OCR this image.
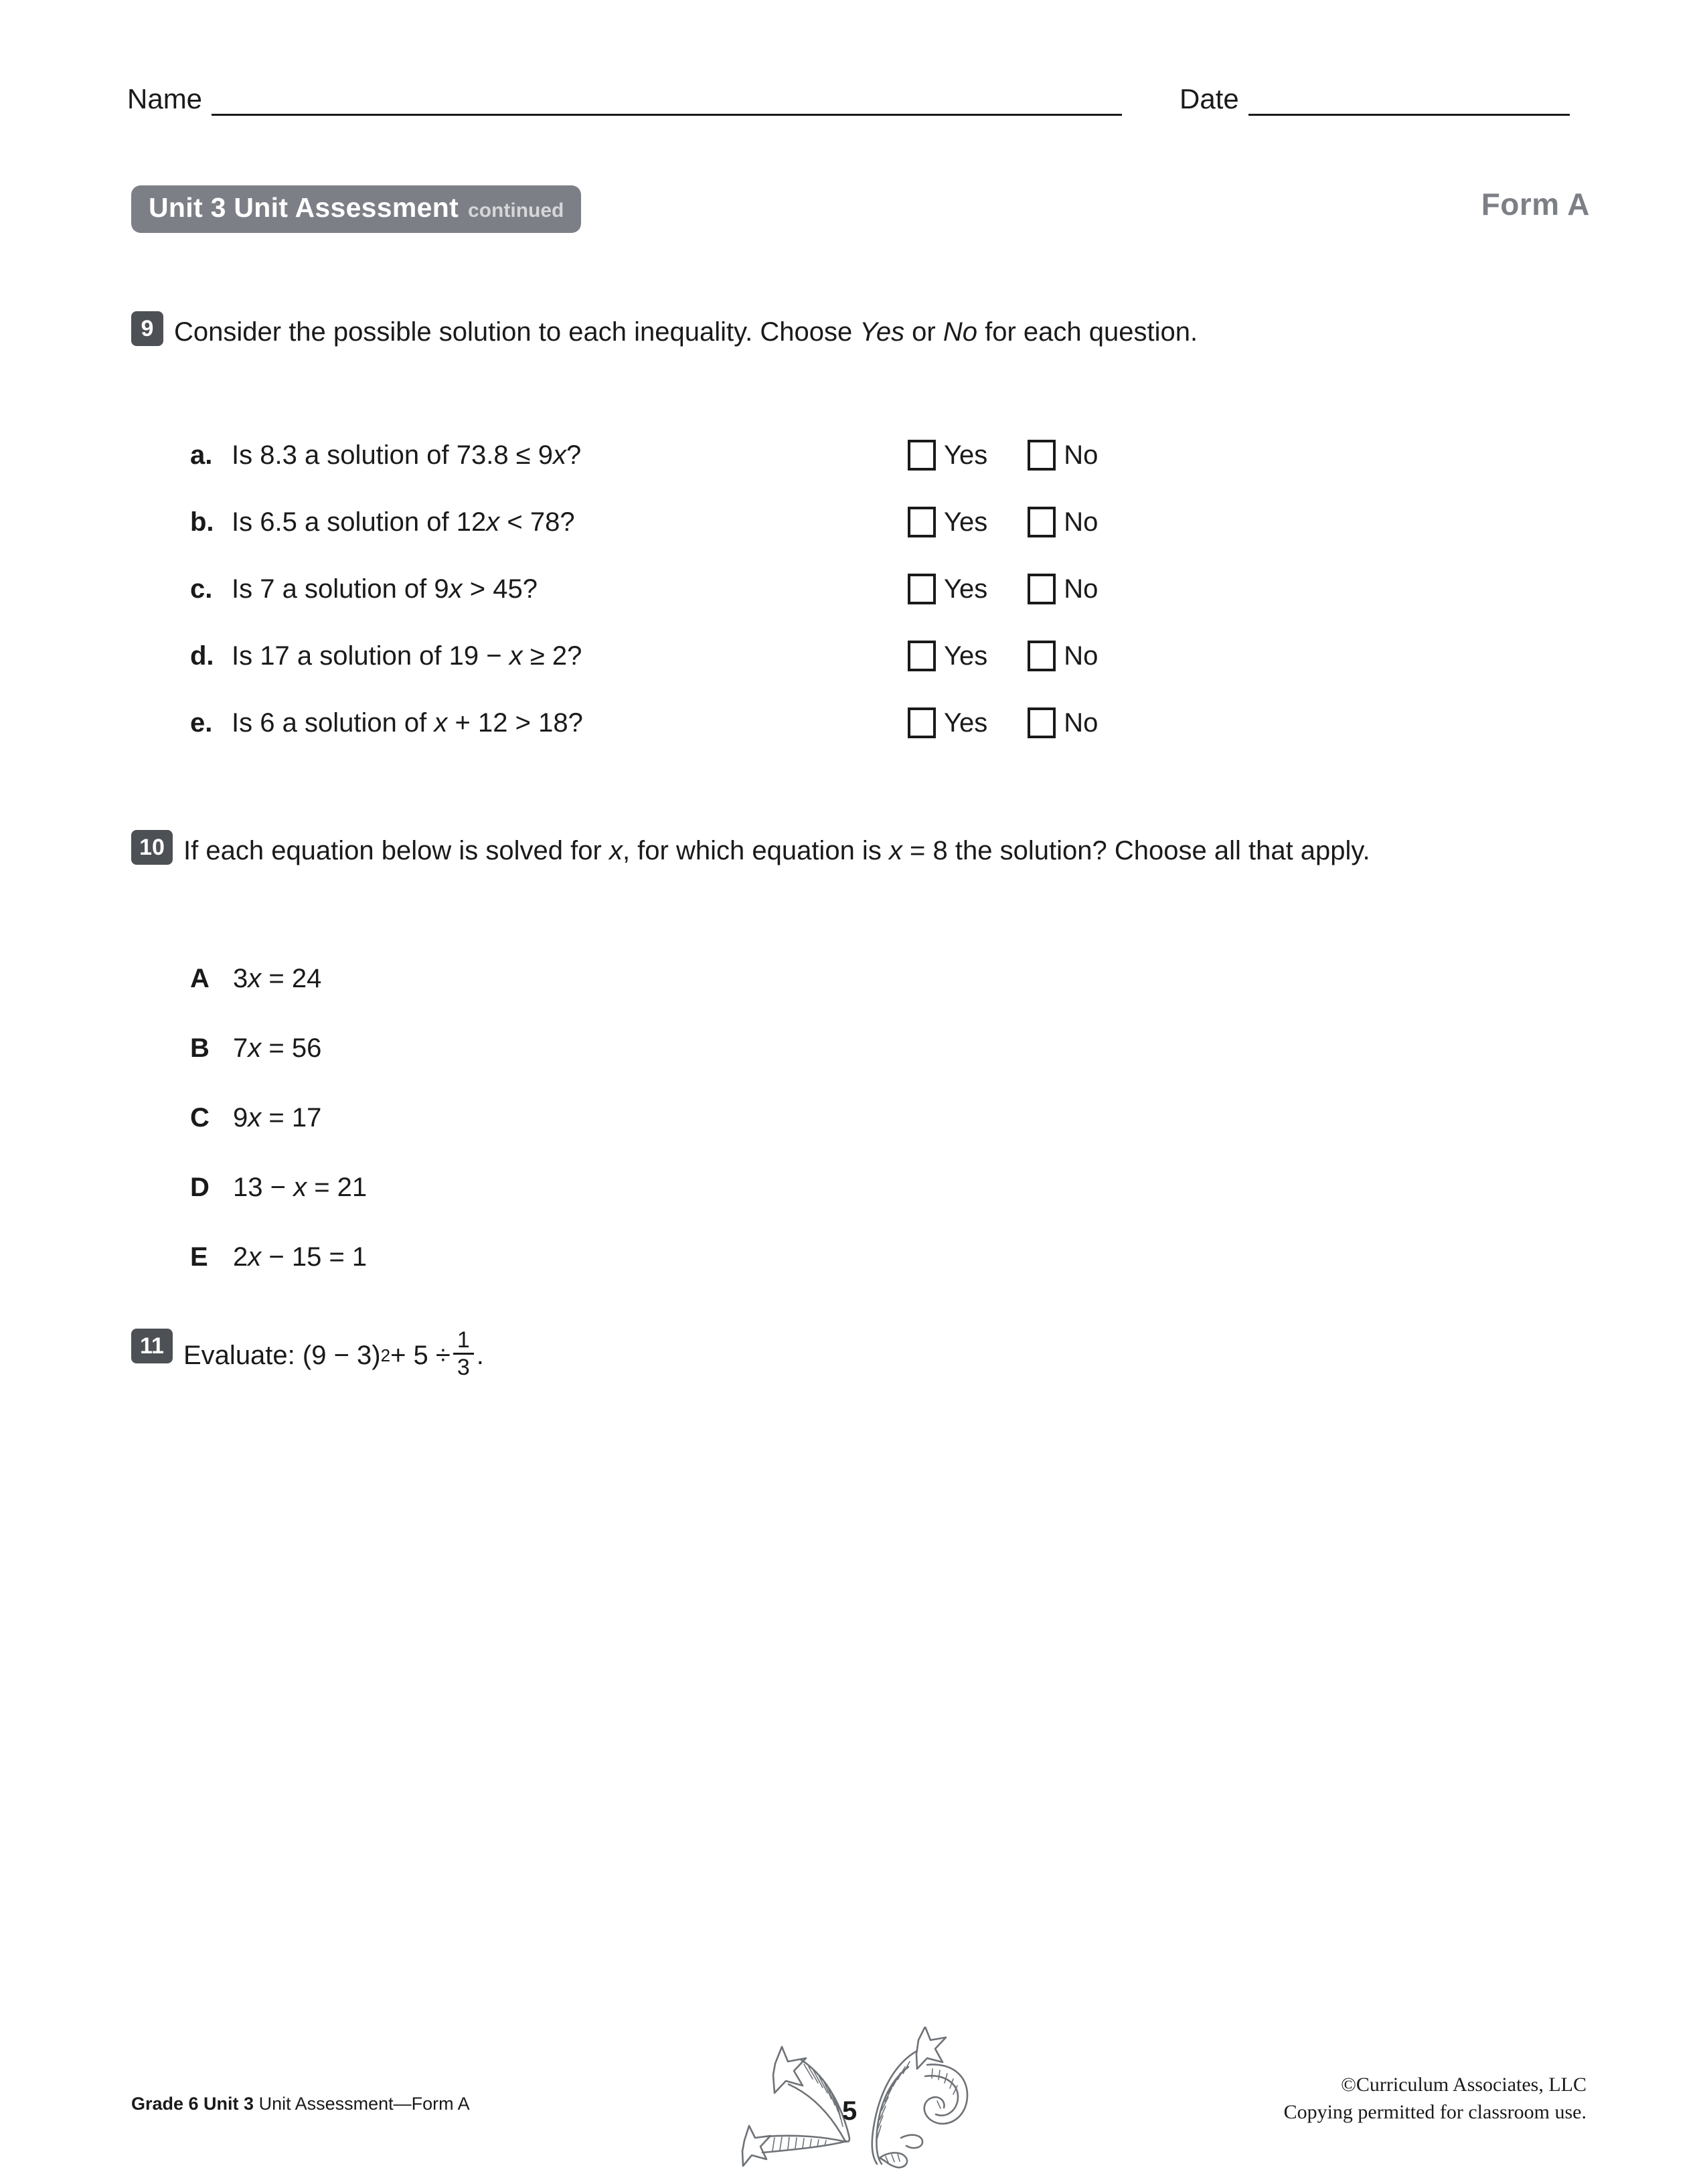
Name	Date
Unit 3 Unit Assessment continued	Form A
9 Consider the possible solution to each inequality. Choose Yes or No for each question.
a. Is 8.3 a solution of 73.8 ≤ 9x?	Yes	No
b. Is 6.5 a solution of 12x < 78?	Yes	No
c. Is 7 a solution of 9x > 45?	Yes	No
d. Is 17 a solution of 19 − x ≥ 2?	Yes	No
e. Is 6 a solution of x + 12 > 18?	Yes	No
10 If each equation below is solved for x, for which equation is x = 8 the solution? Choose all that apply.
A 3x = 24
B 7x = 56
C 9x = 17
D 13 − x = 21
E 2x − 15 = 1
11 Evaluate: (9 − 3) $2 + 5 \div \frac{1}{3}$ .
Grade 6 Unit 3 Unit Assessment—Form A	5
©Curriculum Associates, LLC
Copying permitted for classroom use.
